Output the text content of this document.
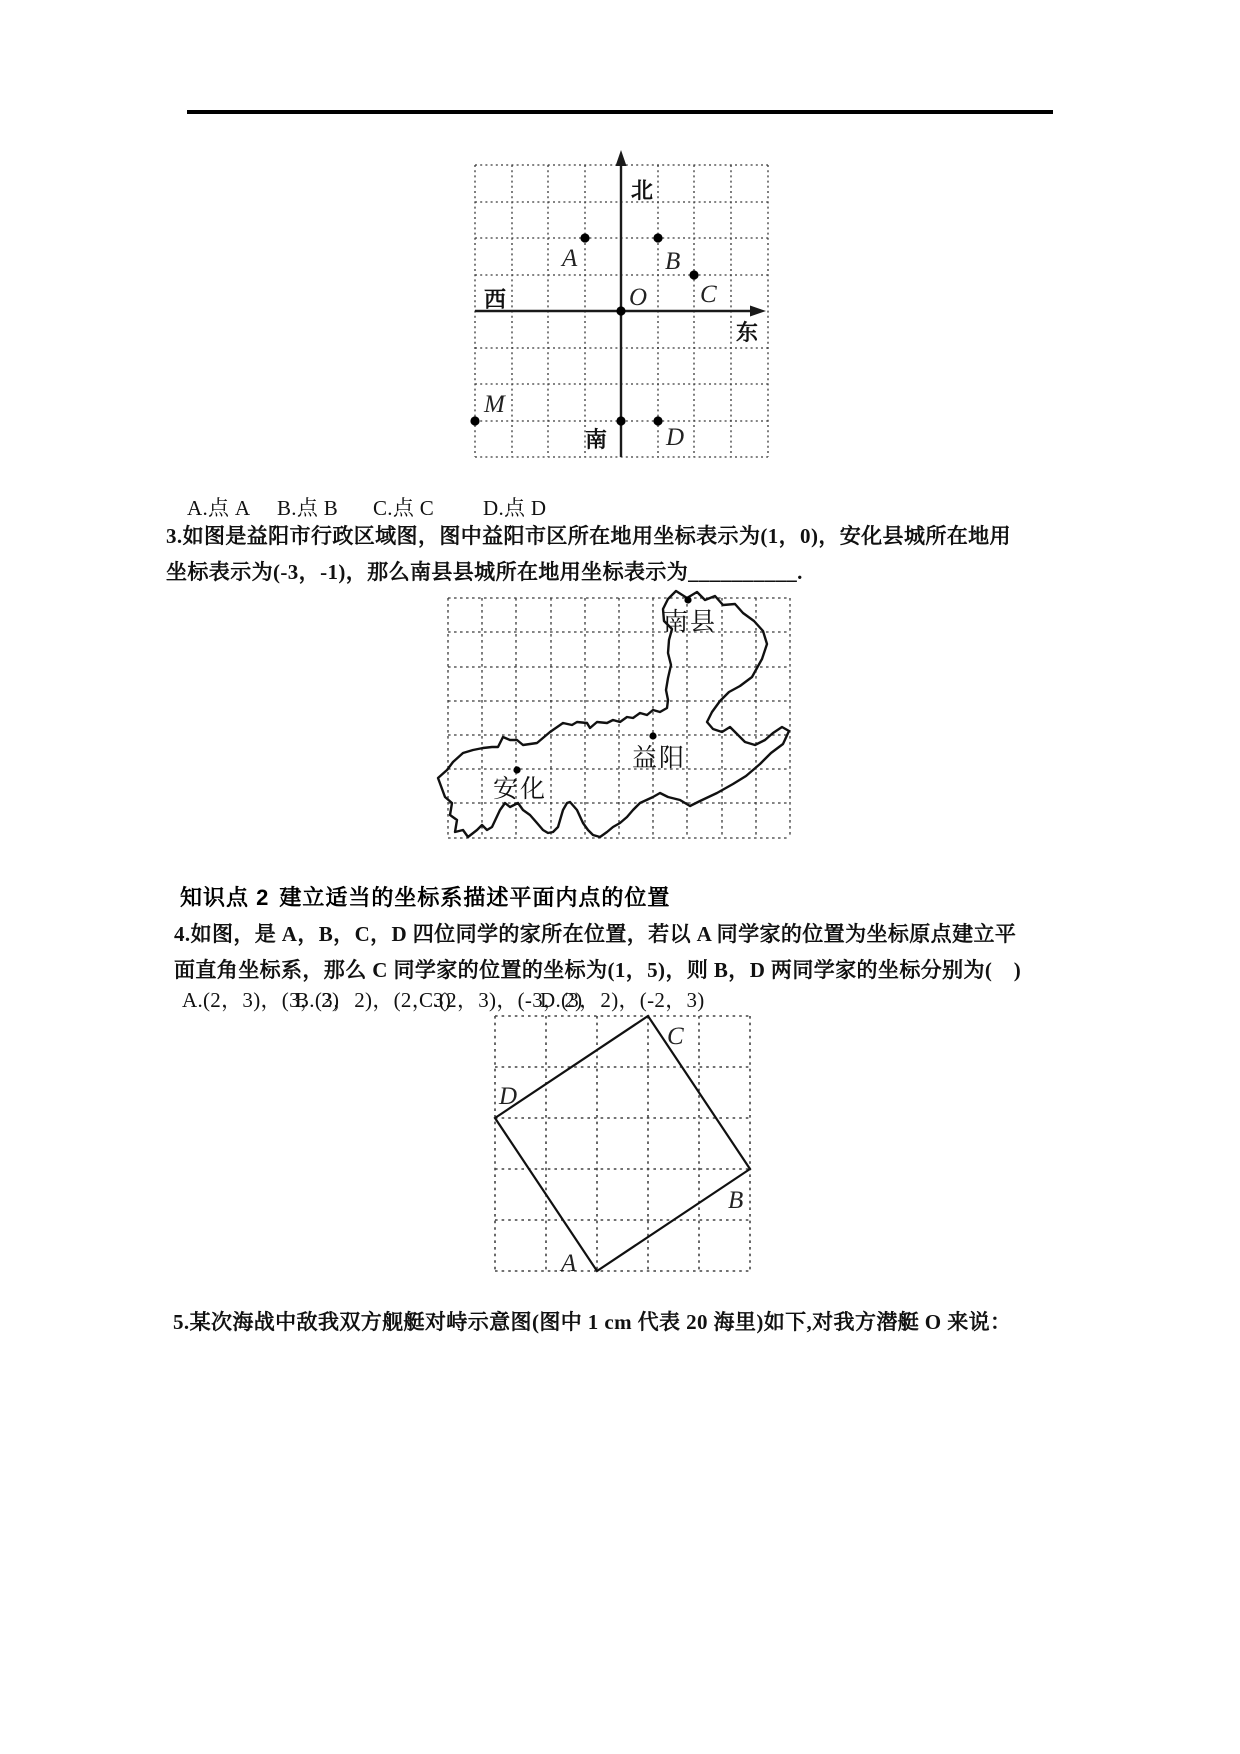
北
西
东
南
O
A	B
C
M
D
A.点 A B.点 B C.点 C D.点 D
3.如图是益阳市行政区域图，图中益阳市区所在地用坐标表示为(1，0)，安化县城所在地用
坐标表示为(-3，-1)，那么南县县城所在地用坐标表示为__________.
南县
益阳
安化
知识点 2 建立适当的坐标系描述平面内点的位置
4.如图，是 A，B，C，D 四位同学的家所在位置，若以 A 同学家的位置为坐标原点建立平
面直角坐标系，那么 C 同学家的位置的坐标为(1，5)，则 B，D 两同学家的坐标分别为(　)
A.(2，3)，(3，2)
B.(3，2)，(2，3)
C.(2，3)，(-3，2)
D.(3，2)，(-2，3)
C
D
B
A
5.某次海战中敌我双方舰艇对峙示意图(图中 1 cm 代表 20 海里)如下,对我方潜艇 O 来说：
